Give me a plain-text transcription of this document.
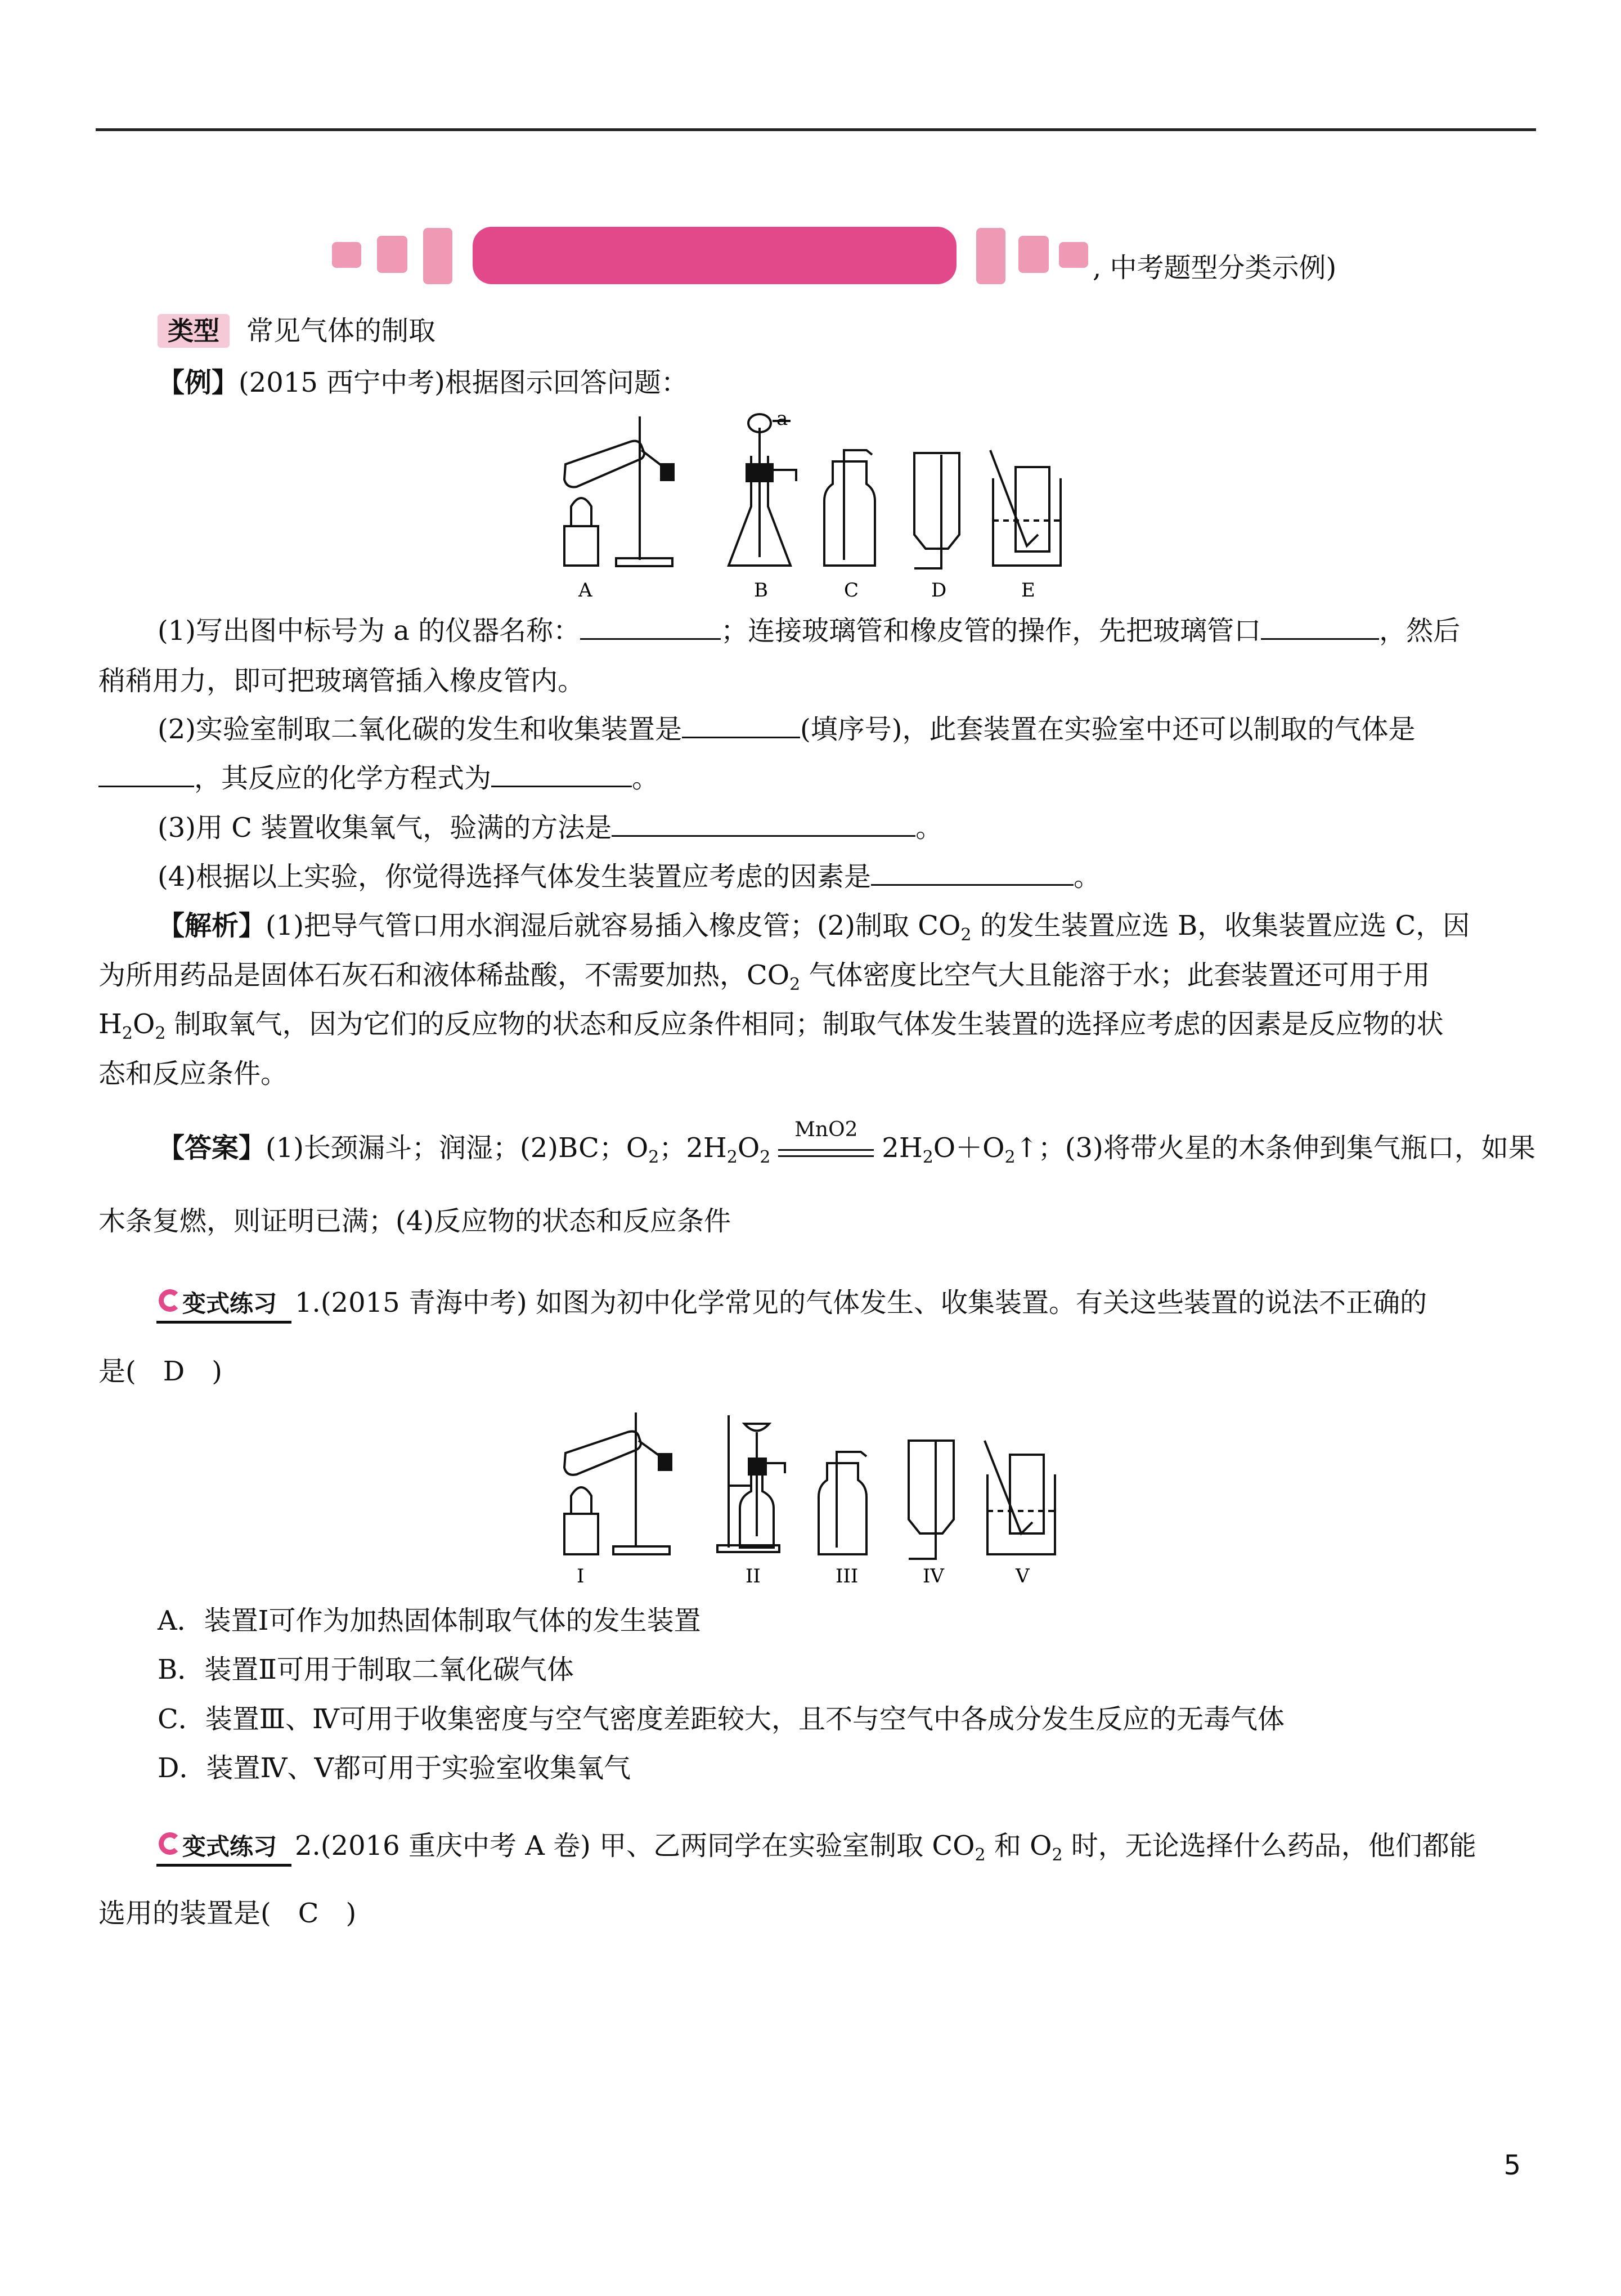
, 中考题型分类示例)
类型 常见气体的制取
【例】(2015 西宁中考)根据图示回答问题：
a
A	B	C	D	E
(1)写出图中标号为 a 的仪器名称：	；连接玻璃管和橡皮管的操作，先把玻璃管口	，然后
稍稍用力，即可把玻璃管插入橡皮管内。
(2)实验室制取二氧化碳的发生和收集装置是	(填序号)，此套装置在实验室中还可以制取的气体是
，其反应的化学方程式为	。
(3)用 C 装置收集氧气，验满的方法是	。
(4)根据以上实验，你觉得选择气体发生装置应考虑的因素是	。
【解析】(1)把导气管口用水润湿后就容易插入橡皮管；(2)制取 $CO_2$ 的发生装置应选 B，收集装置应选 C，因
为所用药品是固体石灰石和液体稀盐酸，不需要加热，$CO_2$ 气体密度比空气大且能溶于水；此套装置还可用于用
$H_2O_2$ 制取氧气，因为它们的反应物的状态和反应条件相同；制取气体发生装置的选择应考虑的因素是反应物的状
态和反应条件。
【答案】(1)长颈漏斗；润湿；(2)BC；$O_2$；$2H_2O_2$
MnO2
$2H_2O+O_2↑$；(3)将带火星的木条伸到集气瓶口，如果
木条复燃，则证明已满；(4)反应物的状态和反应条件
变式练习 1.(2015 青海中考) 如图为初中化学常见的气体发生、收集装置。有关这些装置的说法不正确的
是(　D　)
I	II	III	IV	V
A．装置Ⅰ可作为加热固体制取气体的发生装置
B．装置Ⅱ可用于制取二氧化碳气体
C．装置Ⅲ、Ⅳ可用于收集密度与空气密度差距较大，且不与空气中各成分发生反应的无毒气体
D．装置Ⅳ、Ⅴ都可用于实验室收集氧气
变式练习 2.(2016 重庆中考 A 卷) 甲、乙两同学在实验室制取 $CO_2$ 和 $O_2$ 时，无论选择什么药品，他们都能
选用的装置是(　C　)
5
